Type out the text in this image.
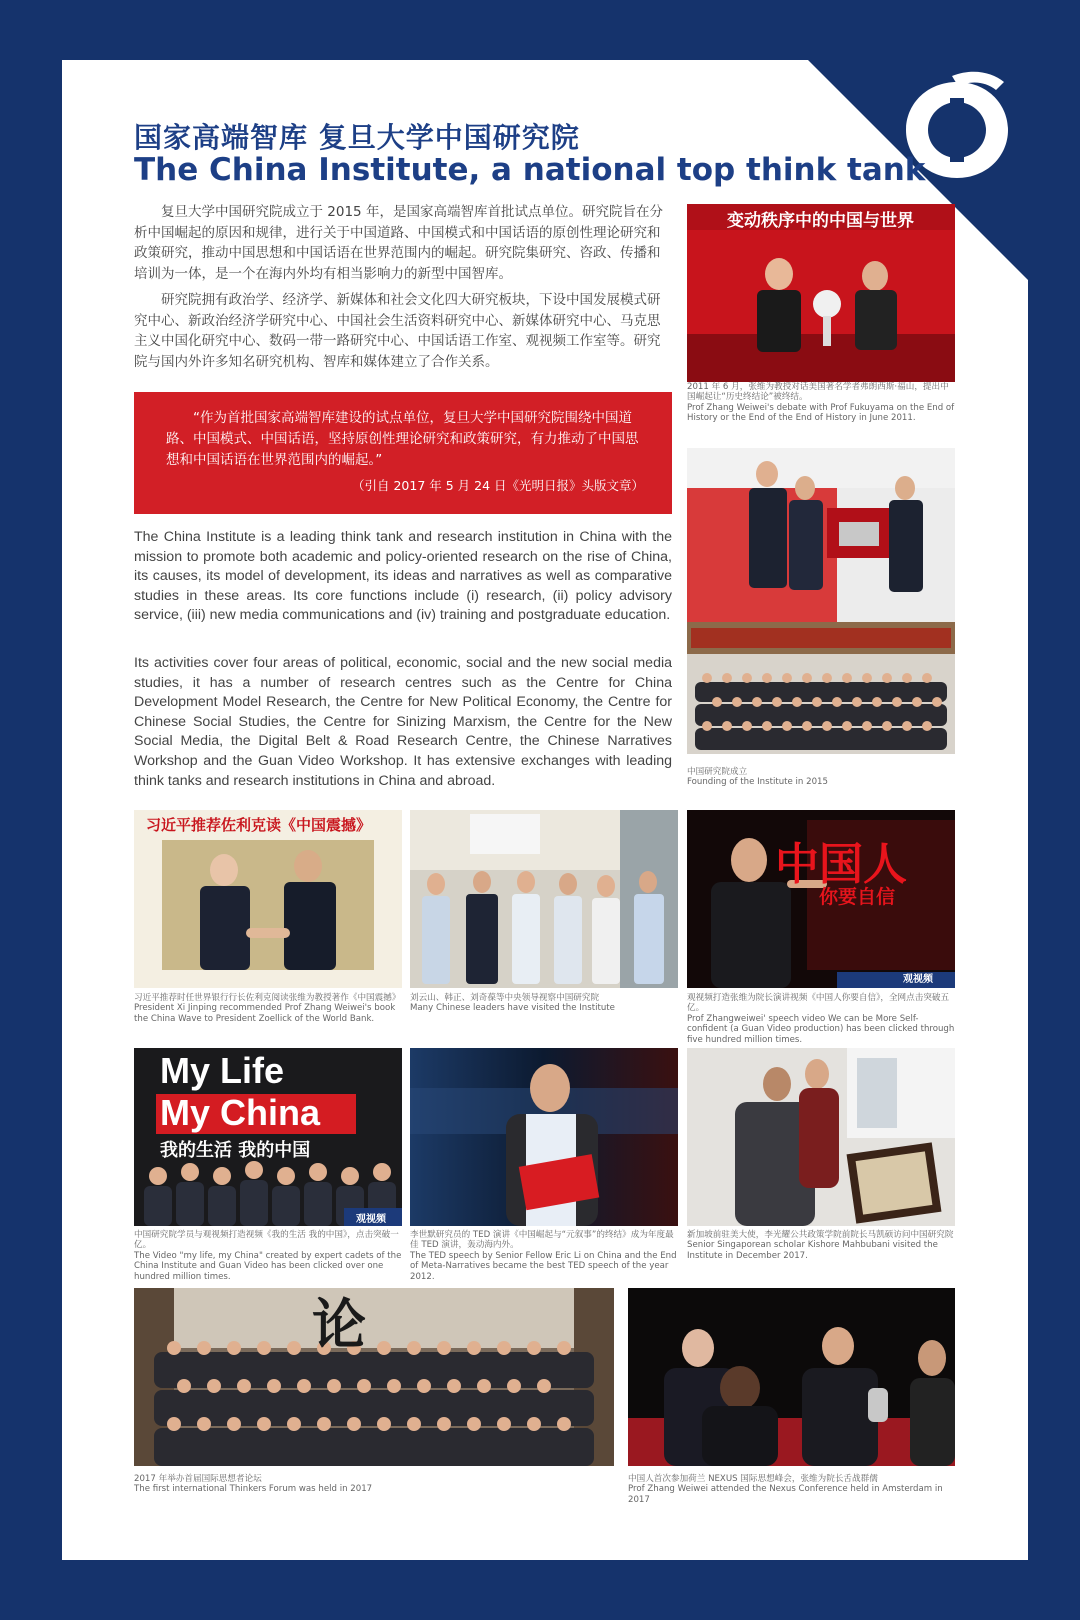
国家高端智库 复旦大学中国研究院
The China Institute, a national top think tank

复旦大学中国研究院成立于 2015 年，是国家高端智库首批试点单位。研究院旨在分析中国崛起的原因和规律，进行关于中国道路、中国模式和中国话语的原创性理论研究和政策研究，推动中国思想和中国话语在世界范围内的崛起。研究院集研究、咨政、传播和培训为一体，是一个在海内外均有相当影响力的新型中国智库。

研究院拥有政治学、经济学、新媒体和社会文化四大研究板块，下设中国发展模式研究中心、新政治经济学研究中心、中国社会生活资料研究中心、新媒体研究中心、马克思主义中国化研究中心、数码一带一路研究中心、中国话语工作室、观视频工作室等。研究院与国内外许多知名研究机构、智库和媒体建立了合作关系。

“作为首批国家高端智库建设的试点单位，复旦大学中国研究院围绕中国道路、中国模式、中国话语，坚持原创性理论研究和政策研究，有力推动了中国思想和中国话语在世界范围内的崛起。”

（引自 2017 年 5 月 24 日《光明日报》头版文章）

The China Institute is a leading think tank and research institution in China with the mission to promote both academic and policy-oriented research on the rise of China, its causes, its model of development, its ideas and narratives as well as comparative studies in these areas. Its core functions include (i) research, (ii) policy advisory service, (iii) new media communications and (iv) training and postgraduate education.

Its activities cover four areas of political, economic, social and the new social media studies, it has a number of research centres such as the Centre for China Development Model Research, the Centre for New Political Economy, the Centre for Chinese Social Studies, the Centre for Sinizing Marxism, the Centre for the New Social Media, the Digital Belt & Road Research Centre, the Chinese Narratives Workshop and the Guan Video Workshop. It has extensive exchanges with leading think tanks and research institutions in China and abroad.

变动秩序中的中国与世界
2011 年 6 月，张维为教授对话美国著名学者弗朗西斯·福山，提出中国崛起让“历史终结论”被终结。
Prof Zhang Weiwei's debate with Prof Fukuyama on the End of History or the End of the End of History in June 2011.
中国研究院成立
Founding of the Institute in 2015
习近平推荐佐利克读《中国震撼》
习近平推荐时任世界银行行长佐利克阅读张维为教授著作《中国震撼》
President Xi Jinping recommended Prof Zhang Weiwei's book the China Wave to President Zoellick of the World Bank.
刘云山、韩正、刘奇葆等中央领导视察中国研究院
Many Chinese leaders have visited the Institute
中国人
你要自信
观视频
观视频打造张维为院长演讲视频《中国人你要自信》，全网点击突破五亿。
Prof Zhangweiwei' speech video We can be More Self-confident (a Guan Video production) has been clicked through five hundred million times.
My Life
My China
我的生活 我的中国
观视频
中国研究院学员与观视频打造视频《我的生活 我的中国》，点击突破一亿。
The Video "my life, my China" created by expert cadets of the China Institute and Guan Video has been clicked over one hundred million times.
李世默研究员的 TED 演讲《中国崛起与“元叙事”的终结》成为年度最佳 TED 演讲，轰动海内外。
The TED speech by Senior Fellow Eric Li on China and the End of Meta-Narratives became the best TED speech of the year 2012.
新加坡前驻美大使，李光耀公共政策学院前院长马凯硕访问中国研究院
Senior Singaporean scholar Kishore Mahbubani visited the Institute in December 2017.
论
2017 年举办首届国际思想者论坛
The first international Thinkers Forum was held in 2017
中国人首次参加荷兰 NEXUS 国际思想峰会，张维为院长舌战群儒
Prof Zhang Weiwei attended the Nexus Conference held in Amsterdam in 2017
